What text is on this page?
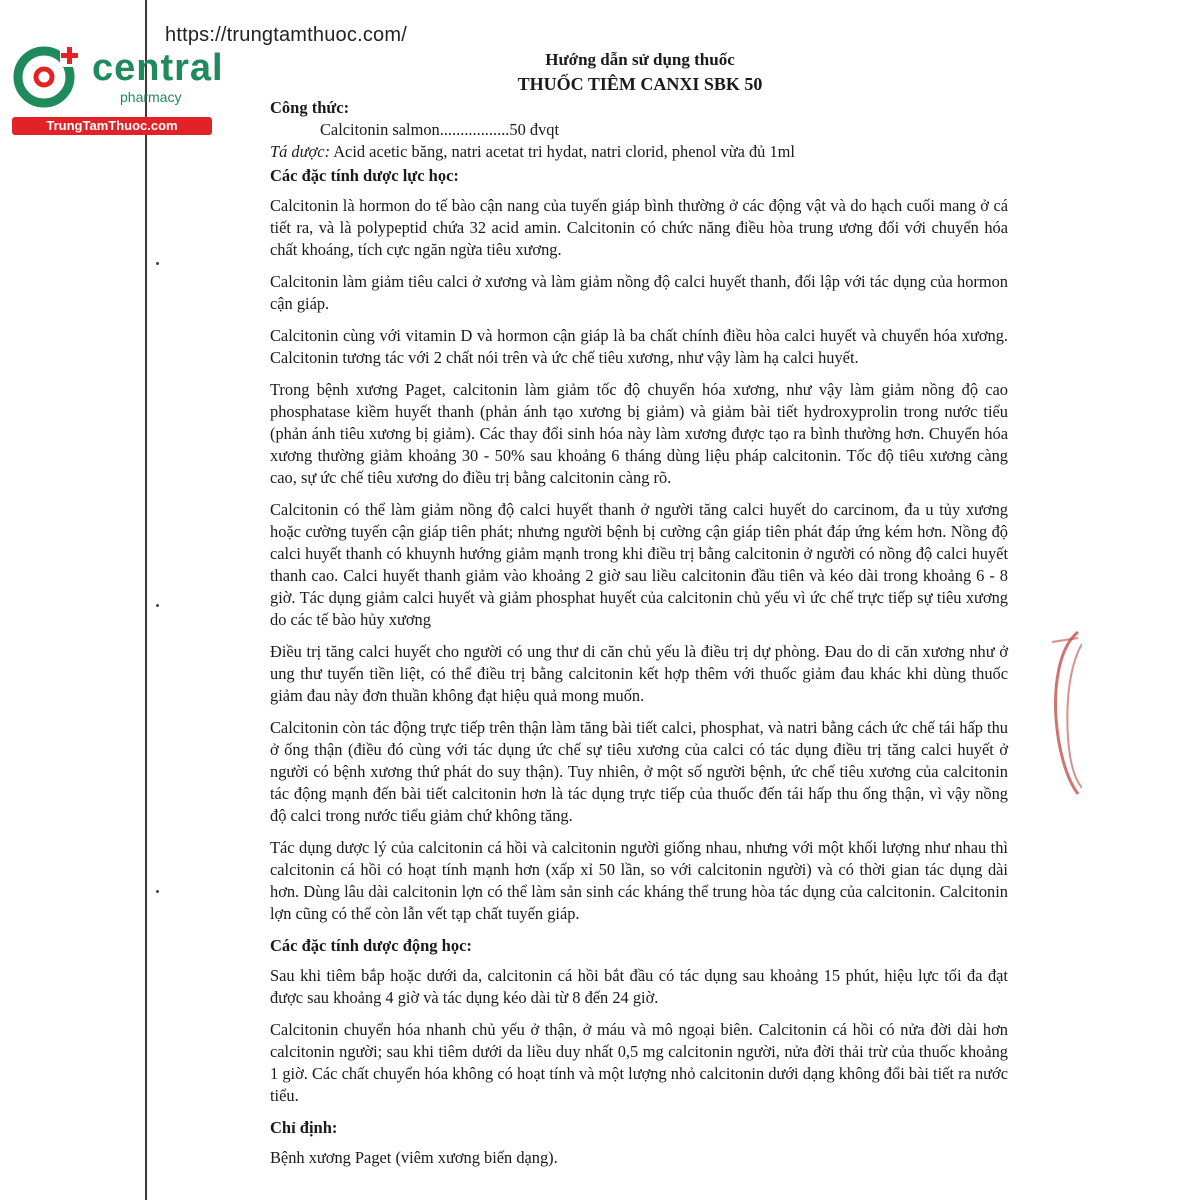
https://trungtamthuoc.com/
central
pharmacy
TrungTamThuoc.com
Hướng dẫn sử dụng thuốc
THUỐC TIÊM CANXI SBK 50
Công thức:

Calcitonin salmon.................50 đvqt

Tá dược: Acid acetic băng, natri acetat tri hydat, natri clorid, phenol vừa đủ 1ml

Các đặc tính dược lực học:

Calcitonin là hormon do tế bào cận nang của tuyến giáp bình thường ở các động vật và do hạch cuối mang ở cá tiết ra, và là polypeptid chứa 32 acid amin. Calcitonin có chức năng điều hòa trung ương đối với chuyển hóa chất khoáng, tích cực ngăn ngừa tiêu xương.

Calcitonin làm giảm tiêu calci ở xương và làm giảm nồng độ calci huyết thanh, đối lập với tác dụng của hormon cận giáp.

Calcitonin cùng với vitamin D và hormon cận giáp là ba chất chính điều hòa calci huyết và chuyển hóa xương. Calcitonin tương tác với 2 chất nói trên và ức chế tiêu xương, như vậy làm hạ calci huyết.

Trong bệnh xương Paget, calcitonin làm giảm tốc độ chuyển hóa xương, như vậy làm giảm nồng độ cao phosphatase kiềm huyết thanh (phản ánh tạo xương bị giảm) và giảm bài tiết hydroxyprolin trong nước tiểu (phản ánh tiêu xương bị giảm). Các thay đổi sinh hóa này làm xương được tạo ra bình thường hơn. Chuyển hóa xương thường giảm khoảng 30 - 50% sau khoảng 6 tháng dùng liệu pháp calcitonin. Tốc độ tiêu xương càng cao, sự ức chế tiêu xương do điều trị bằng calcitonin càng rõ.

Calcitonin có thể làm giảm nồng độ calci huyết thanh ở người tăng calci huyết do carcinom, đa u tủy xương hoặc cường tuyến cận giáp tiên phát; nhưng người bệnh bị cường cận giáp tiên phát đáp ứng kém hơn. Nồng độ calci huyết thanh có khuynh hướng giảm mạnh trong khi điều trị bằng calcitonin ở người có nồng độ calci huyết thanh cao. Calci huyết thanh giảm vào khoảng 2 giờ sau liều calcitonin đầu tiên và kéo dài trong khoảng 6 - 8 giờ. Tác dụng giảm calci huyết và giảm phosphat huyết của calcitonin chủ yếu vì ức chế trực tiếp sự tiêu xương do các tế bào hủy xương

Điều trị tăng calci huyết cho người có ung thư di căn chủ yếu là điều trị dự phòng. Đau do di căn xương như ở ung thư tuyến tiền liệt, có thể điều trị bằng calcitonin kết hợp thêm với thuốc giảm đau khác khi dùng thuốc giảm đau này đơn thuần không đạt hiệu quả mong muốn.

Calcitonin còn tác động trực tiếp trên thận làm tăng bài tiết calci, phosphat, và natri bằng cách ức chế tái hấp thu ở ống thận (điều đó cùng với tác dụng ức chế sự tiêu xương của calci có tác dụng điều trị tăng calci huyết ở người có bệnh xương thứ phát do suy thận). Tuy nhiên, ở một số người bệnh, ức chế tiêu xương của calcitonin tác động mạnh đến bài tiết calcitonin hơn là tác dụng trực tiếp của thuốc đến tái hấp thu ống thận, vì vậy nồng độ calci trong nước tiểu giảm chứ không tăng.

Tác dụng dược lý của calcitonin cá hồi và calcitonin người giống nhau, nhưng với một khối lượng như nhau thì calcitonin cá hồi có hoạt tính mạnh hơn (xấp xỉ 50 lần, so với calcitonin người) và có thời gian tác dụng dài hơn. Dùng lâu dài calcitonin lợn có thể làm sản sinh các kháng thể trung hòa tác dụng của calcitonin. Calcitonin lợn cũng có thể còn lẫn vết tạp chất tuyến giáp.

Các đặc tính dược động học:

Sau khi tiêm bắp hoặc dưới da, calcitonin cá hồi bắt đầu có tác dụng sau khoảng 15 phút, hiệu lực tối đa đạt được sau khoảng 4 giờ và tác dụng kéo dài từ 8 đến 24 giờ.

Calcitonin chuyển hóa nhanh chủ yếu ở thận, ở máu và mô ngoại biên. Calcitonin cá hồi có nửa đời dài hơn calcitonin người; sau khi tiêm dưới da liều duy nhất 0,5 mg calcitonin người, nửa đời thải trừ của thuốc khoảng 1 giờ. Các chất chuyển hóa không có hoạt tính và một lượng nhỏ calcitonin dưới dạng không đổi bài tiết ra nước tiểu.

Chỉ định:

Bệnh xương Paget (viêm xương biến dạng).
